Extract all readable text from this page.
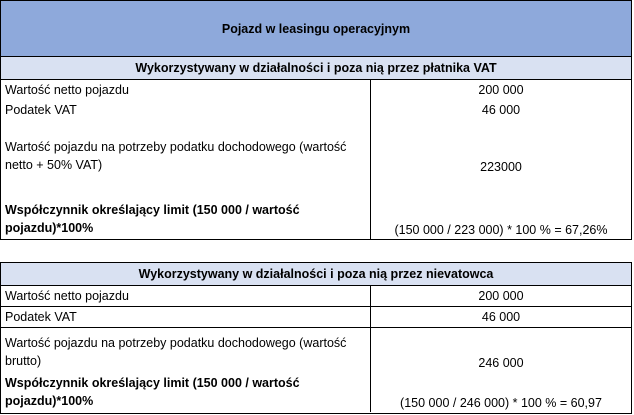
Pojazd w leasingu operacyjnym
Wykorzystywany w działalności i poza nią przez płatnika VAT
Wartość netto pojazdu	200 000
Podatek VAT	46 000
Wartość pojazdu na potrzeby podatku dochodowego (wartość netto + 50% VAT)	223000
Współczynnik określający limit (150 000 / wartość pojazdu)*100%	(150 000 / 223 000) * 100 % = 67,26%
Wykorzystywany w działalności i poza nią przez nievatowca
Wartość netto pojazdu	200 000
Podatek VAT	46 000
Wartość pojazdu na potrzeby podatku dochodowego (wartość brutto)	246 000
Współczynnik określający limit (150 000 / wartość pojazdu)*100%	(150 000 / 246 000) * 100 % = 60,97
